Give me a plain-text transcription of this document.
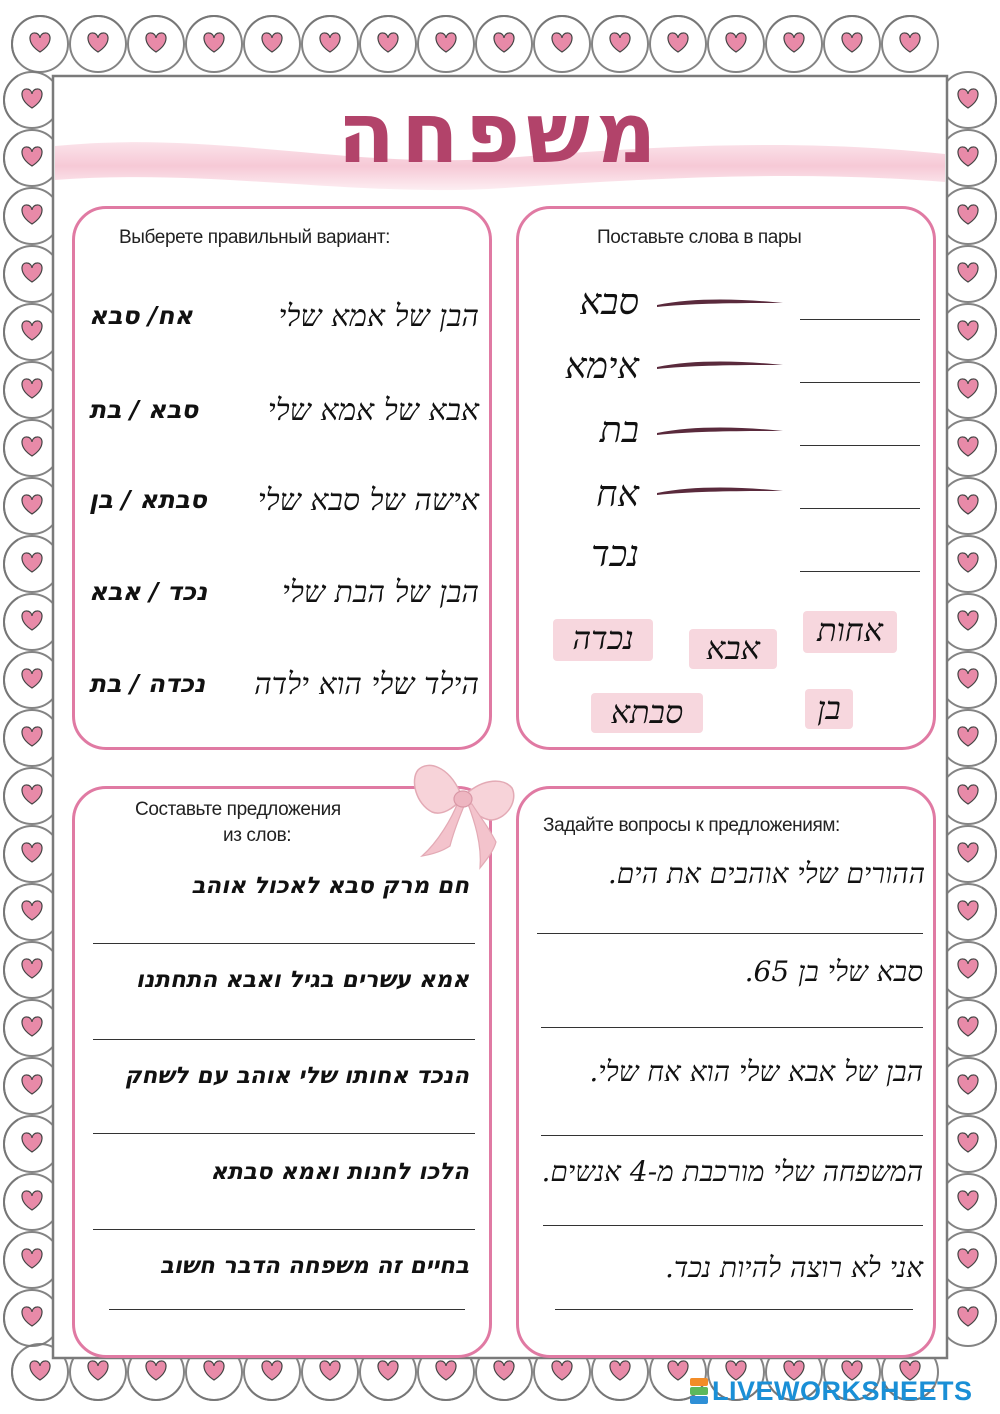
משפחה
Выберете правильный вариант:
הבן של אמא שלי
אח/ סבא
אבא של אמא שלי
סבא / בת
אישה של סבא שלי
סבתא / בן
הבן של הבת שלי
נכד / אבא
הילד שלי הוא ילדה
נכדה / בת
Поставьте слова в пары
סבא
אימא
בת
אח
נכד
אחות
אבא
נכדה
בן
סבתא
Составьте предложения
из слов:
חם מרק סבא לאכול אוהב
אמא עשרים בגיל ואבא התחתנו
הנכד אחותו שלי אוהב עם לשחק
הלכו לחנות ואמא סבתא
בחיים זה משפחה הדבר חשוב
Задайте вопросы к предложениям:
ההורים שלי אוהבים את הים.
סבא שלי בן 65.
הבן של אבא שלי הוא אח שלי.
המשפחה שלי מורכבת מ-4 אנשים.
אני לא רוצה להיות נכד.
LIVEWORKSHEETS
